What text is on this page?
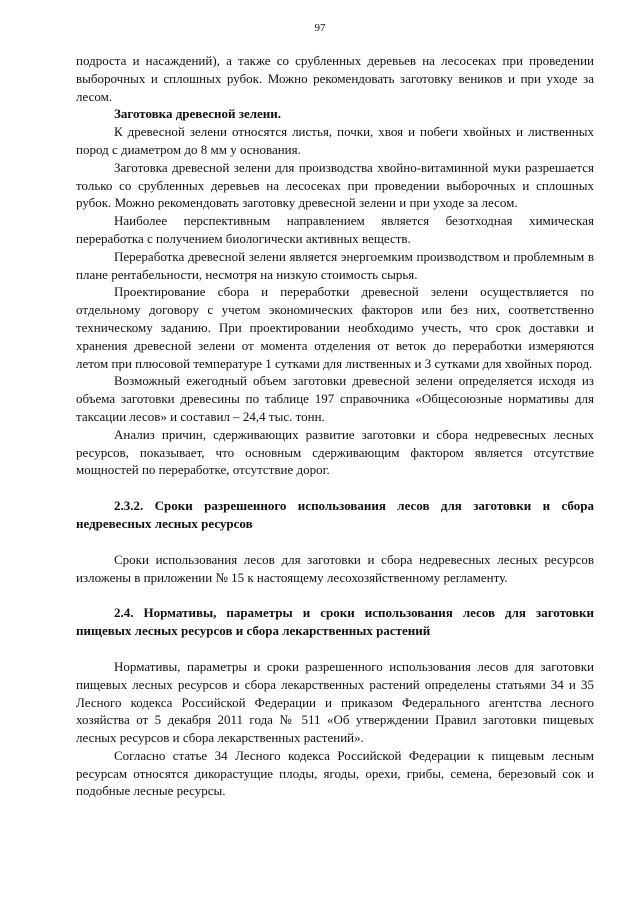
97

подроста и насаждений), а также со срубленных деревьев на лесосеках при проведении выборочных и сплошных рубок. Можно рекомендовать заготовку веников и при уходе за лесом.

Заготовка древесной зелени.

К древесной зелени относятся листья, почки, хвоя и побеги хвойных и лиственных пород с диаметром до 8 мм у основания.

Заготовка древесной зелени для производства хвойно-витаминной муки разрешается только со срубленных деревьев на лесосеках при проведении выборочных и сплошных рубок. Можно рекомендовать заготовку древесной зелени и при уходе за лесом.

Наиболее перспективным направлением является безотходная химическая переработка с получением биологически активных веществ.

Переработка древесной зелени является энергоемким производством и проблемным в плане рентабельности, несмотря на низкую стоимость сырья.

Проектирование сбора и переработки древесной зелени осуществляется по отдельному договору с учетом экономических факторов или без них, соответственно техническому заданию. При проектировании необходимо учесть, что срок доставки и хранения древесной зелени от момента отделения от веток до переработки измеряются летом при плюсовой температуре 1 сутками для лиственных и 3 сутками для хвойных пород.

Возможный ежегодный объем заготовки древесной зелени определяется исходя из объема заготовки древесины по таблице 197 справочника «Общесоюзные нормативы для таксации лесов» и составил – 24,4 тыс. тонн.

Анализ причин, сдерживающих развитие заготовки и сбора недревесных лесных ресурсов, показывает, что основным сдерживающим фактором является отсутствие мощностей по переработке, отсутствие дорог.

2.3.2. Сроки разрешенного использования лесов для заготовки и сбора недревесных лесных ресурсов

Сроки использования лесов для заготовки и сбора недревесных лесных ресурсов изложены в приложении № 15 к настоящему лесохозяйственному регламенту.

2.4. Нормативы, параметры и сроки использования лесов для заготовки пищевых лесных ресурсов и сбора лекарственных растений

Нормативы, параметры и сроки разрешенного использования лесов для заготовки пищевых лесных ресурсов и сбора лекарственных растений определены статьями 34 и 35 Лесного кодекса Российской Федерации и приказом Федерального агентства лесного хозяйства от 5 декабря 2011 года № 511 «Об утверждении Правил заготовки пищевых лесных ресурсов и сбора лекарственных растений».

Согласно статье 34 Лесного кодекса Российской Федерации к пищевым лесным ресурсам относятся дикорастущие плоды, ягоды, орехи, грибы, семена, березовый сок и подобные лесные ресурсы.
